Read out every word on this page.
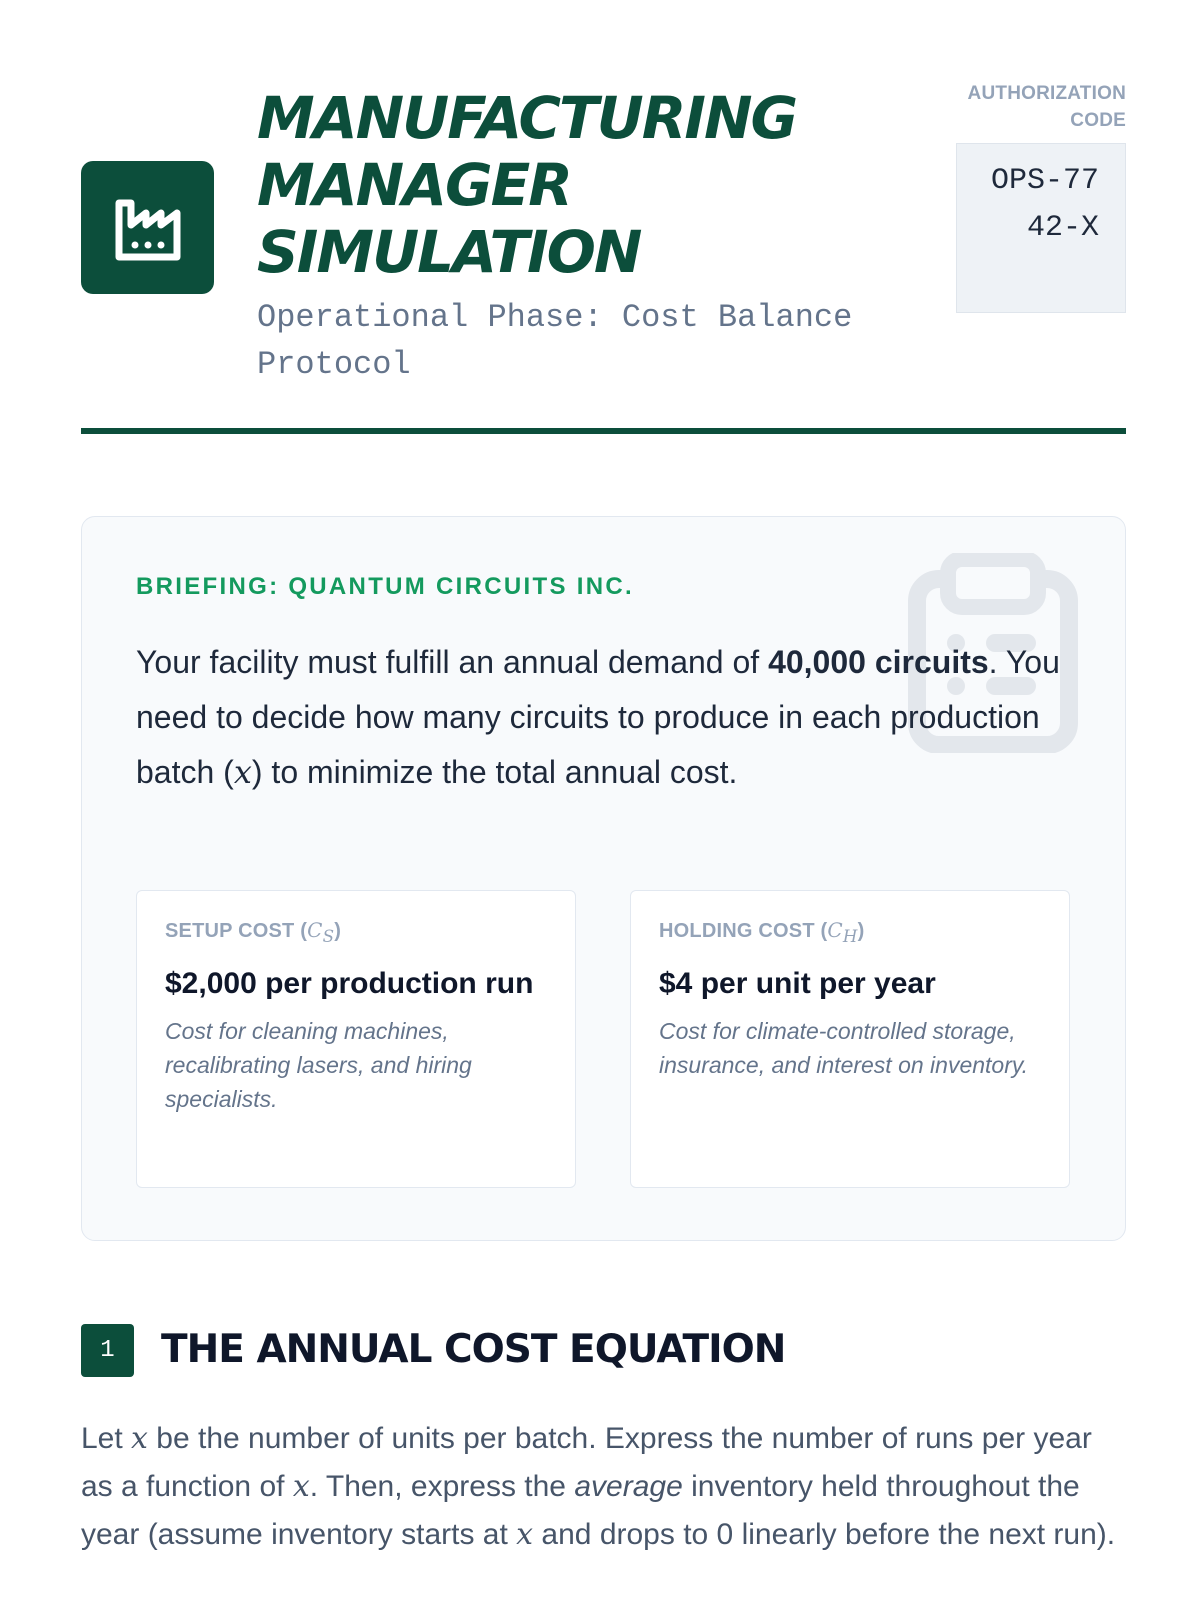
MANUFACTURING
MANAGER
SIMULATION

Operational Phase: Cost Balance Protocol

AUTHORIZATION CODE
OPS-7742-X
BRIEFING: QUANTUM CIRCUITS INC.

Your facility must fulfill an annual demand of 40,000 circuits. You need to decide how many circuits to produce in each production batch (x) to minimize the total annual cost.

SETUP COST $(C_S)$
$2,000 per production run
Cost for cleaning machines, recalibrating lasers, and hiring specialists.
HOLDING COST $(C_H)$
$4 per unit per year
Cost for climate-controlled storage, insurance, and interest on inventory.
1	THE ANNUAL COST EQUATION

Let x be the number of units per batch. Express the number of runs per year as a function of x. Then, express the average inventory held throughout the year (assume inventory starts at x and drops to 0 linearly before the next run).
